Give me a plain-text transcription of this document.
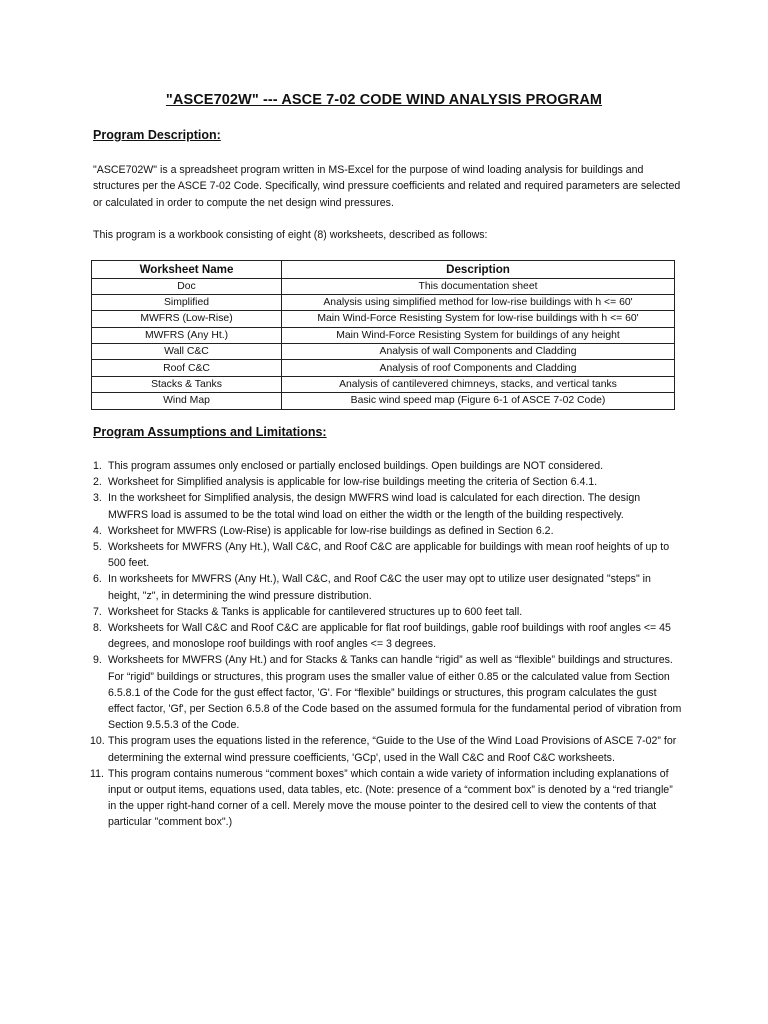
"ASCE702W" --- ASCE 7-02 CODE WIND ANALYSIS PROGRAM
Program Description:
"ASCE702W" is a spreadsheet program written in MS-Excel for the purpose of wind loading analysis for buildings and structures per the ASCE 7-02 Code. Specifically, wind pressure coefficients and related and required parameters are selected or calculated in order to compute the net design wind pressures.
This program is a workbook consisting of eight (8) worksheets, described as follows:
Worksheet Name	Description
Doc	This documentation sheet
Simplified	Analysis using simplified method for low-rise buildings with h <= 60'
MWFRS (Low-Rise)	Main Wind-Force Resisting System for low-rise buildings with h <= 60'
MWFRS (Any Ht.)	Main Wind-Force Resisting System for buildings of any height
Wall C&C	Analysis of wall Components and Cladding
Roof C&C	Analysis of roof Components and Cladding
Stacks & Tanks	Analysis of cantilevered chimneys, stacks, and vertical tanks
Wind Map	Basic wind speed map (Figure 6-1 of ASCE 7-02 Code)
Program Assumptions and Limitations:
1. This program assumes only enclosed or partially enclosed buildings. Open buildings are NOT considered.
2. Worksheet for Simplified analysis is applicable for low-rise buildings meeting the criteria of Section 6.4.1.
3. In the worksheet for Simplified analysis, the design MWFRS wind load is calculated for each direction. The design MWFRS load is assumed to be the total wind load on either the width or the length of the building respectively.
4. Worksheet for MWFRS (Low-Rise) is applicable for low-rise buildings as defined in Section 6.2.
5. Worksheets for MWFRS (Any Ht.), Wall C&C, and Roof C&C are applicable for buildings with mean roof heights of up to 500 feet.
6. In worksheets for MWFRS (Any Ht.), Wall C&C, and Roof C&C the user may opt to utilize user designated "steps" in height, "z", in determining the wind pressure distribution.
7. Worksheet for Stacks & Tanks is applicable for cantilevered structures up to 600 feet tall.
8. Worksheets for Wall C&C and Roof C&C are applicable for flat roof buildings, gable roof buildings with roof angles <= 45 degrees, and monoslope roof buildings with roof angles <= 3 degrees.
9. Worksheets for MWFRS (Any Ht.) and for Stacks & Tanks can handle “rigid” as well as “flexible” buildings and structures. For “rigid” buildings or structures, this program uses the smaller value of either 0.85 or the calculated value from Section 6.5.8.1 of the Code for the gust effect factor, 'G'. For “flexible” buildings or structures, this program calculates the gust effect factor, 'Gf', per Section 6.5.8 of the Code based on the assumed formula for the fundamental period of vibration from Section 9.5.5.3 of the Code.
10. This program uses the equations listed in the reference, “Guide to the Use of the Wind Load Provisions of ASCE 7-02” for determining the external wind pressure coefficients, 'GCp', used in the Wall C&C and Roof C&C worksheets.
11. This program contains numerous “comment boxes” which contain a wide variety of information including explanations of input or output items, equations used, data tables, etc. (Note: presence of a “comment box” is denoted by a “red triangle” in the upper right-hand corner of a cell. Merely move the mouse pointer to the desired cell to view the contents of that particular "comment box".)
